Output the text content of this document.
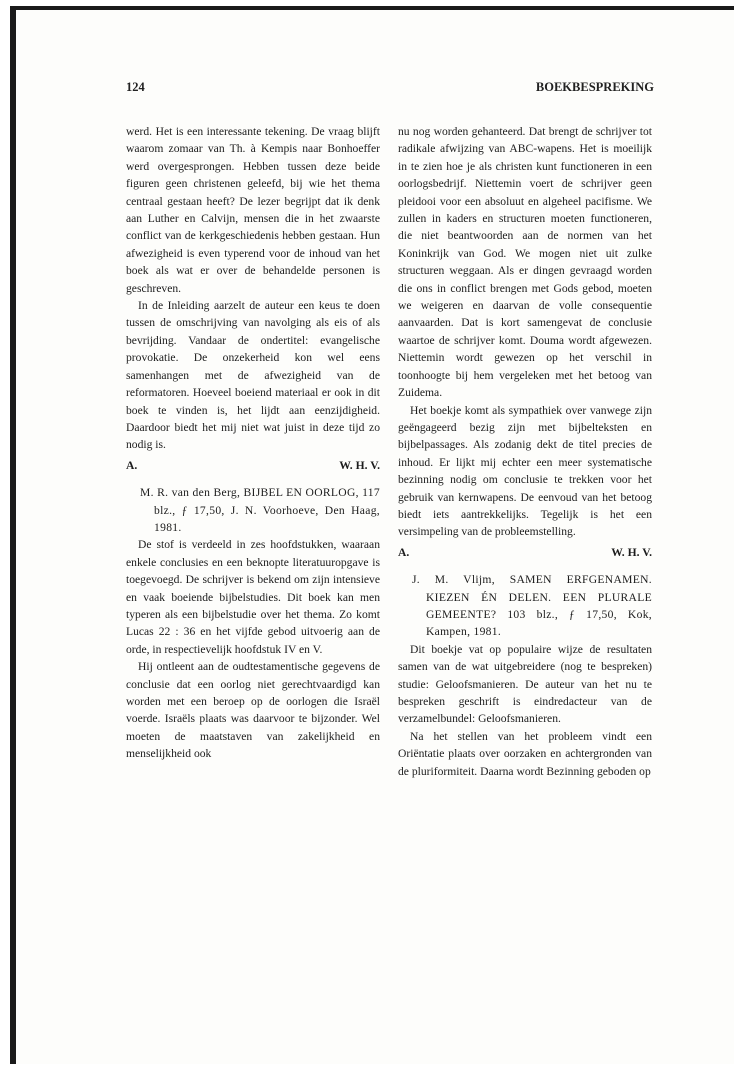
124	BOEKBESPREKING

werd. Het is een interessante tekening. De vraag blijft waarom zomaar van Th. à Kempis naar Bonhoeffer werd overgesprongen. Hebben tussen deze beide figuren geen christenen geleefd, bij wie het thema centraal gestaan heeft? De lezer begrijpt dat ik denk aan Luther en Calvijn, mensen die in het zwaarste conflict van de kerkgeschiedenis hebben gestaan. Hun afwezigheid is even typerend voor de inhoud van het boek als wat er over de behandelde personen is geschreven.

In de Inleiding aarzelt de auteur een keus te doen tussen de omschrijving van navolging als eis of als bevrijding. Vandaar de ondertitel: evangelische provokatie. De onzekerheid kon wel eens samenhangen met de afwezigheid van de reformatoren. Hoeveel boeiend materiaal er ook in dit boek te vinden is, het lijdt aan eenzijdigheid. Daardoor biedt het mij niet wat juist in deze tijd zo nodig is.

A.	W. H. V.

M. R. van den Berg, BIJBEL EN OORLOG, 117 blz., ƒ 17,50, J. N. Voorhoeve, Den Haag, 1981.

De stof is verdeeld in zes hoofdstukken, waaraan enkele conclusies en een beknopte literatuuropgave is toegevoegd. De schrijver is bekend om zijn intensieve en vaak boeiende bijbelstudies. Dit boek kan men typeren als een bijbelstudie over het thema. Zo komt Lucas 22 : 36 en het vijfde gebod uitvoerig aan de orde, in respectievelijk hoofdstuk IV en V.

Hij ontleent aan de oudtestamentische gegevens de conclusie dat een oorlog niet gerechtvaardigd kan worden met een beroep op de oorlogen die Israël voerde. Israëls plaats was daarvoor te bijzonder. Wel moeten de maatstaven van zakelijkheid en menselijkheid ook

nu nog worden gehanteerd. Dat brengt de schrijver tot radikale afwijzing van ABC-wapens. Het is moeilijk in te zien hoe je als christen kunt functioneren in een oorlogsbedrijf. Niettemin voert de schrijver geen pleidooi voor een absoluut en algeheel pacifisme. We zullen in kaders en structuren moeten functioneren, die niet beantwoorden aan de normen van het Koninkrijk van God. We mogen niet uit zulke structuren weggaan. Als er dingen gevraagd worden die ons in conflict brengen met Gods gebod, moeten we weigeren en daarvan de volle consequentie aanvaarden. Dat is kort samengevat de conclusie waartoe de schrijver komt. Douma wordt afgewezen. Niettemin wordt gewezen op het verschil in toonhoogte bij hem vergeleken met het betoog van Zuidema.

Het boekje komt als sympathiek over vanwege zijn geëngageerd bezig zijn met bijbelteksten en bijbelpassages. Als zodanig dekt de titel precies de inhoud. Er lijkt mij echter een meer systematische bezinning nodig om conclusie te trekken voor het gebruik van kernwapens. De eenvoud van het betoog biedt iets aantrekkelijks. Tegelijk is het een versimpeling van de probleemstelling.

A.	W. H. V.

J. M. Vlijm, SAMEN ERFGENAMEN. KIEZEN ÉN DELEN. EEN PLURALE GEMEENTE? 103 blz., ƒ 17,50, Kok, Kampen, 1981.

Dit boekje vat op populaire wijze de resultaten samen van de wat uitgebreidere (nog te bespreken) studie: Geloofsmanieren. De auteur van het nu te bespreken geschrift is eindredacteur van de verzamelbundel: Geloofsmanieren.

Na het stellen van het probleem vindt een Oriëntatie plaats over oorzaken en achtergronden van de pluriformiteit. Daarna wordt Bezinning geboden op
